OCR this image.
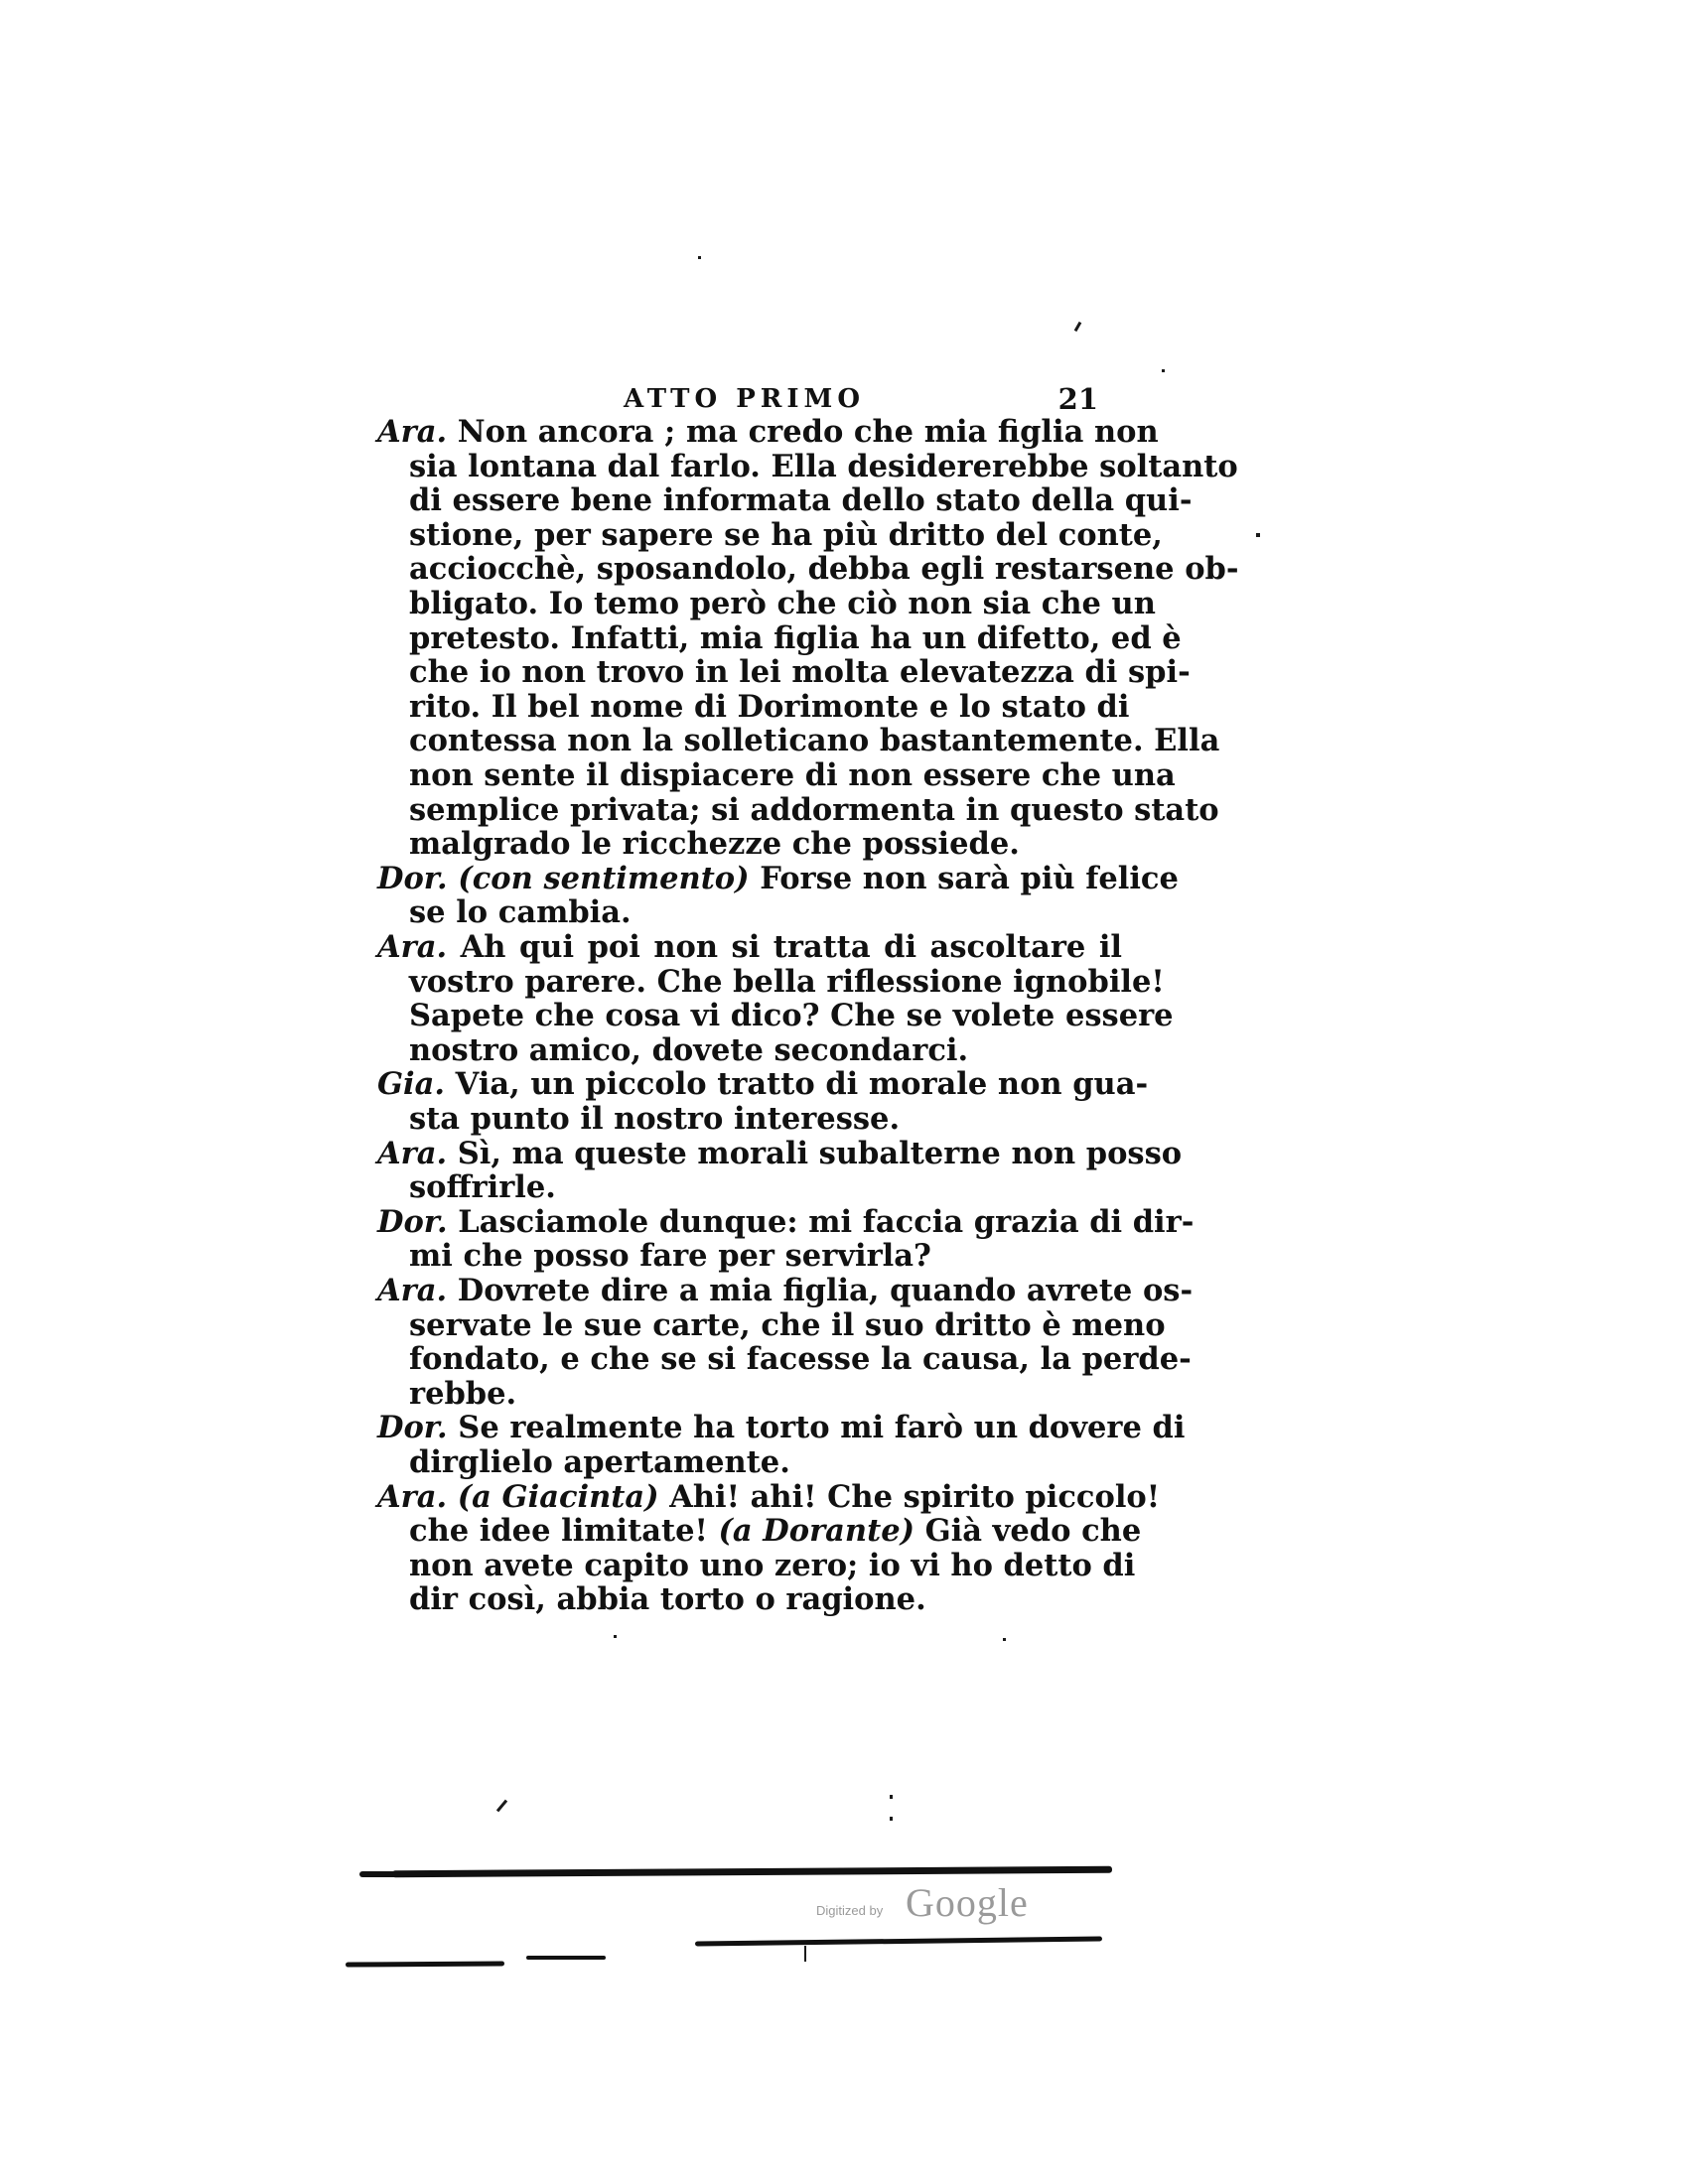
ATTO PRIMO	21
Ara. Non ancora ; ma credo che mia figlia non
sia lontana dal farlo. Ella desidererebbe soltanto
di essere bene informata dello stato della qui-
stione, per sapere se ha più dritto del conte,
acciocchè, sposandolo, debba egli restarsene ob-
bligato. Io temo però che ciò non sia che un
pretesto. Infatti, mia figlia ha un difetto, ed è
che io non trovo in lei molta elevatezza di spi-
rito. Il bel nome di Dorimonte e lo stato di
contessa non la solleticano bastantemente. Ella
non sente il dispiacere di non essere che una
semplice privata; si addormenta in questo stato
malgrado le ricchezze che possiede.
Dor. (con sentimento) Forse non sarà più felice
se lo cambia.
Ara. Ah qui poi non si tratta di ascoltare il
vostro parere. Che bella riflessione ignobile!
Sapete che cosa vi dico? Che se volete essere
nostro amico, dovete secondarci.
Gia. Via, un piccolo tratto di morale non gua-
sta punto il nostro interesse.
Ara. Sì, ma queste morali subalterne non posso
soffrirle.
Dor. Lasciamole dunque: mi faccia grazia di dir-
mi che posso fare per servirla?
Ara. Dovrete dire a mia figlia, quando avrete os-
servate le sue carte, che il suo dritto è meno
fondato, e che se si facesse la causa, la perde-
rebbe.
Dor. Se realmente ha torto mi farò un dovere di
dirglielo apertamente.
Ara. (a Giacinta) Ahi! ahi! Che spirito piccolo!
che idee limitate! (a Dorante) Già vedo che
non avete capito uno zero; io vi ho detto di
dir così, abbia torto o ragione.
Digitized by Google
